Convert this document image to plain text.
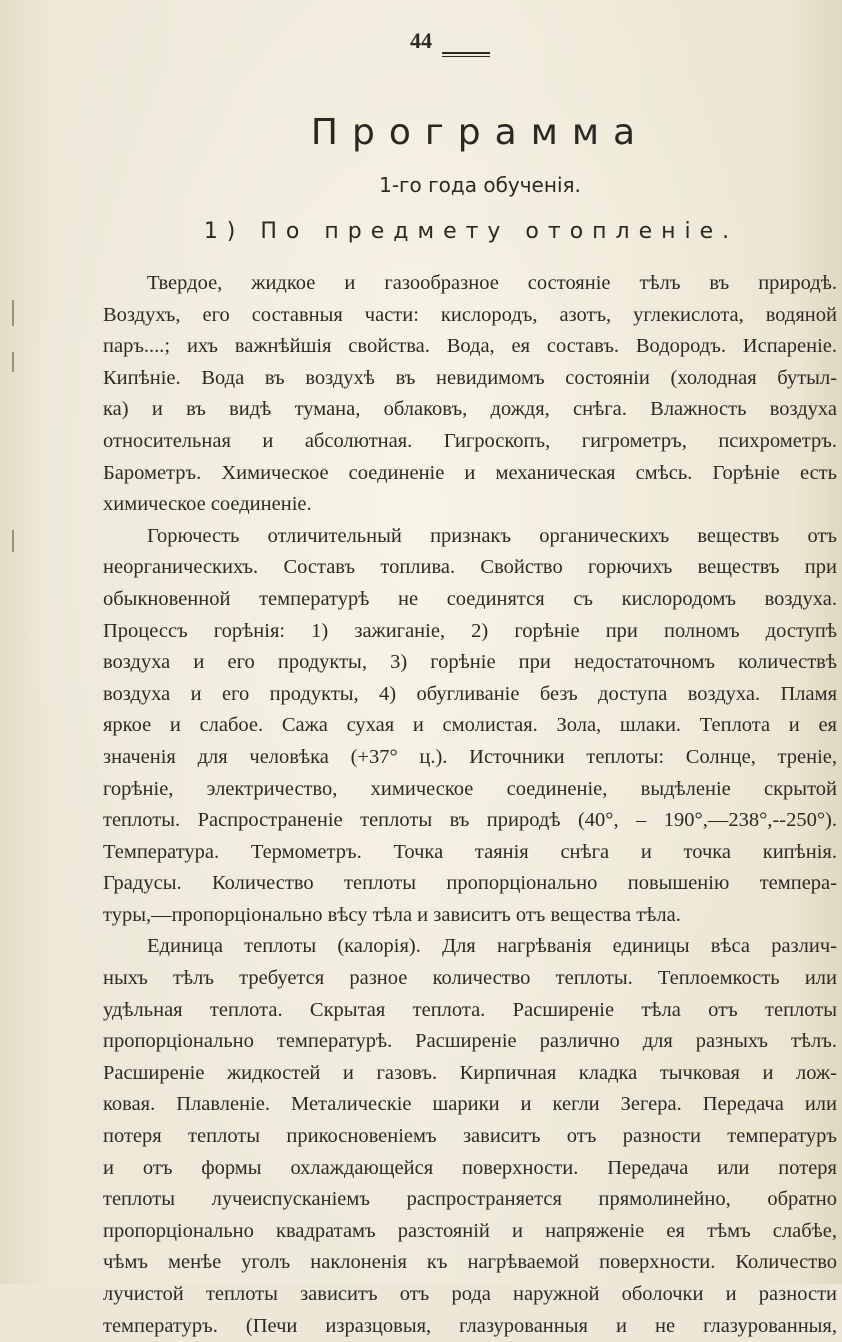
44
Программа
1-го года обученія.
1) По предмету отопленіе.
Твердое, жидкое и газообразное состояніе тѣлъ въ природѣ.
Воздухъ, его составныя части: кислородъ, азотъ, углекислота, водяной
паръ....; ихъ важнѣйшія свойства. Вода, ея составъ. Водородъ. Испареніе.
Кипѣніе. Вода въ воздухѣ въ невидимомъ состояніи (холодная бутыл-
ка) и въ видѣ тумана, облаковъ, дождя, снѣга. Влажность воздуха
относительная и абсолютная. Гигроскопъ, гигрометръ, психрометръ.
Барометръ. Химическое соединеніе и механическая смѣсь. Горѣніе есть
химическое соединеніе.
Горючесть отличительный признакъ органическихъ веществъ отъ
неорганическихъ. Составъ топлива. Свойство горючихъ веществъ при
обыкновенной температурѣ не соединятся съ кислородомъ воздуха.
Процессъ горѣнія: 1) зажиганіе, 2) горѣніе при полномъ доступѣ
воздуха и его продукты, 3) горѣніе при недостаточномъ количествѣ
воздуха и его продукты, 4) обугливаніе безъ доступа воздуха. Пламя
яркое и слабое. Сажа сухая и смолистая. Зола, шлаки. Теплота и ея
значенія для человѣка (+37° ц.). Источники теплоты: Солнце, треніе,
горѣніе, электричество, химическое соединеніе, выдѣленіе скрытой
теплоты. Распространеніе теплоты въ природѣ (40°, – 190°,—238°,--250°).
Температура. Термометръ. Точка таянія снѣга и точка кипѣнія.
Градусы. Количество теплоты пропорціонально повышенію темпера-
туры,—пропорціонально вѣсу тѣла и зависитъ отъ вещества тѣла.
Единица теплоты (калорія). Для нагрѣванія единицы вѣса различ-
ныхъ тѣлъ требуется разное количество теплоты. Теплоемкость или
удѣльная теплота. Скрытая теплота. Расширеніе тѣла отъ теплоты
пропорціонально температурѣ. Расширеніе различно для разныхъ тѣлъ.
Расширеніе жидкостей и газовъ. Кирпичная кладка тычковая и лож-
ковая. Плавленіе. Металическіе шарики и кегли Зегера. Передача или
потеря теплоты прикосновеніемъ зависитъ отъ разности температуръ
и отъ формы охлаждающейся поверхности. Передача или потеря
теплоты лучеиспусканіемъ распространяется прямолинейно, обратно
пропорціонально квадратамъ разстояній и напряженіе ея тѣмъ слабѣе,
чѣмъ менѣе уголъ наклоненія къ нагрѣваемой поверхности. Количество
лучистой теплоты зависитъ отъ рода наружной оболочки и разности
температуръ. (Печи изразцовыя, глазурованныя и не глазурованныя,
